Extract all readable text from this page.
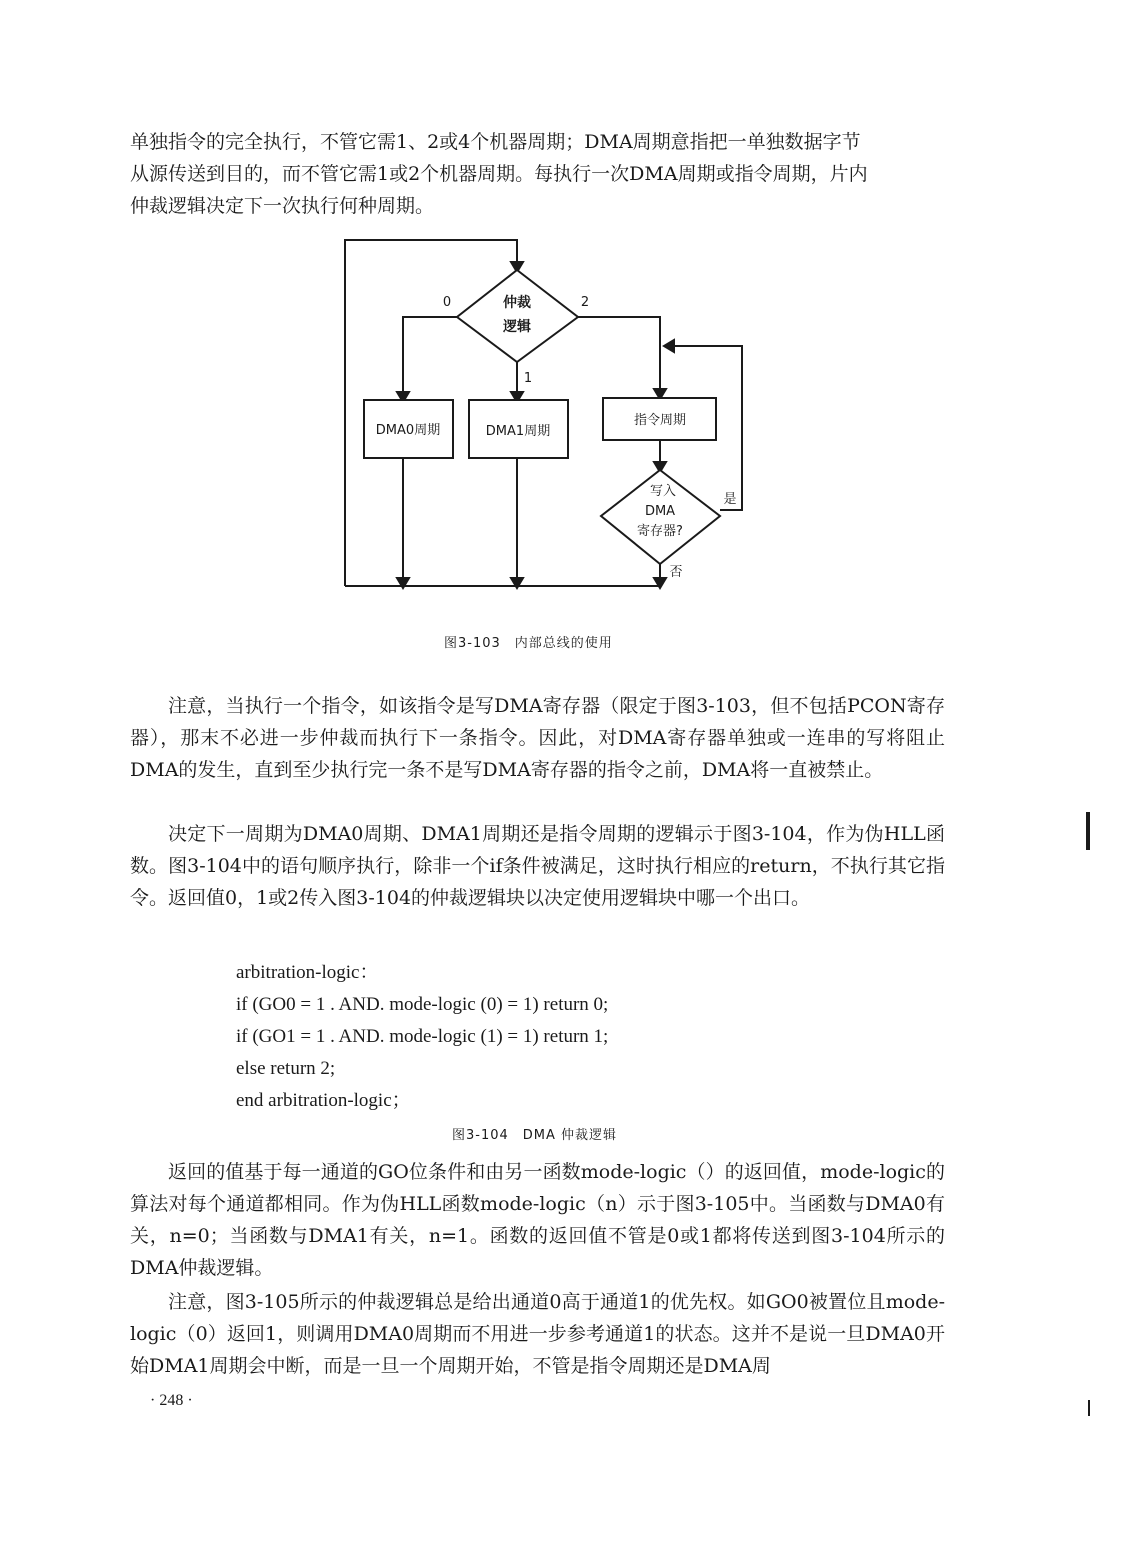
单独指令的完全执行，不管它需1、2或4个机器周期；DMA周期意指把一单独数据字节
从源传送到目的，而不管它需1或2个机器周期。每执行一次DMA周期或指令周期，片内
仲裁逻辑决定下一次执行何种周期。
仲裁
逻辑
0
1
2
DMA0周期	DMA1周期
指令周期
写入
DMA
寄存器?
是
否
图3-103　内部总线的使用

注意，当执行一个指令，如该指令是写DMA寄存器（限定于图3-103，但不包括PCON寄存器），那末不必进一步仲裁而执行下一条指令。因此，对DMA寄存器单独或一连串的写将阻止DMA的发生，直到至少执行完一条不是写DMA寄存器的指令之前，DMA将一直被禁止。

决定下一周期为DMA0周期、DMA1周期还是指令周期的逻辑示于图3-104，作为伪HLL函数。图3-104中的语句顺序执行，除非一个if条件被满足，这时执行相应的return，不执行其它指令。返回值0，1或2传入图3-104的仲裁逻辑块以决定使用逻辑块中哪一个出口。

arbitration-logic：
if (GO0 = 1 . AND. mode-logic (0) = 1) return 0;
if (GO1 = 1 . AND. mode-logic (1) = 1) return 1;
else return 2;
end arbitration-logic；
图3-104　DMA 仲裁逻辑

返回的值基于每一通道的GO位条件和由另一函数mode-logic（）的返回值，mode-logic的算法对每个通道都相同。作为伪HLL函数mode-logic（n）示于图3-105中。当函数与DMA0有关，n=0；当函数与DMA1有关，n=1。函数的返回值不管是0或1都将传送到图3-104所示的DMA仲裁逻辑。

注意，图3-105所示的仲裁逻辑总是给出通道0高于通道1的优先权。如GO0被置位且mode-logic（0）返回1，则调用DMA0周期而不用进一步参考通道1的状态。这并不是说一旦DMA0开始DMA1周期会中断，而是一旦一个周期开始，不管是指令周期还是DMA周

· 248 ·
